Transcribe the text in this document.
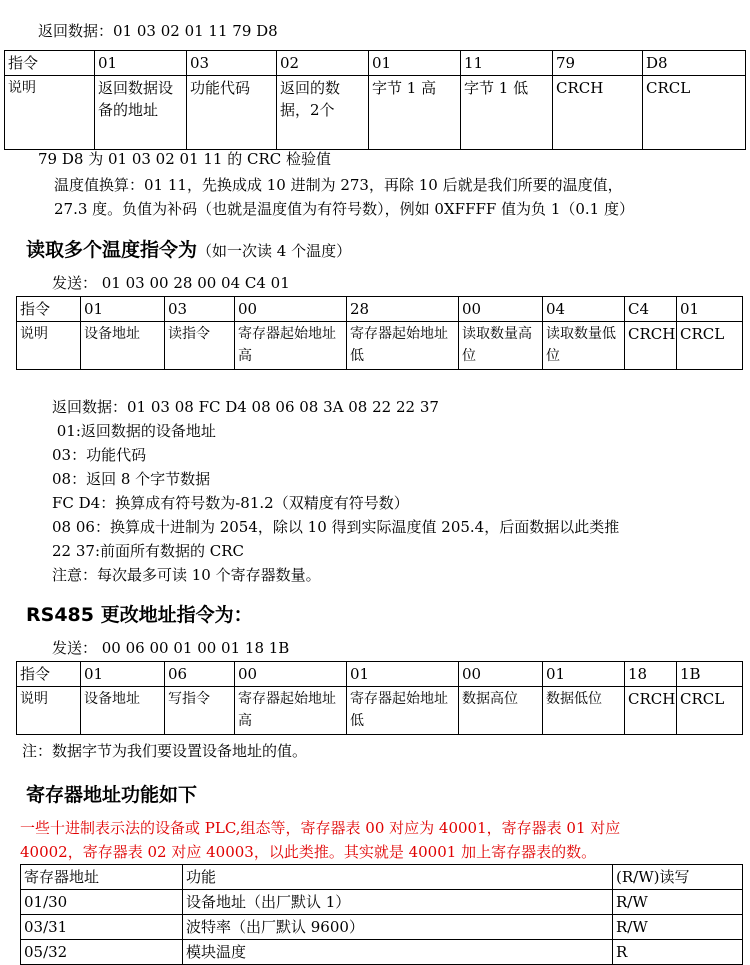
返回数据：01 03 02 01 11 79 D8
指令	01	03	02	01	11	79	D8
说明	返回数据设备的地址	功能代码	返回的数据，2个	字节 1 高	字节 1 低	CRCH	CRCL
79 D8 为 01 03 02 01 11 的 CRC 检验值
温度值换算：01 11，先换成成 10 进制为 273，再除 10 后就是我们所要的温度值，
27.3 度。负值为补码（也就是温度值为有符号数），例如 0XFFFF 值为负 1（0.1 度）
读取多个温度指令为（如一次读 4 个温度）
发送： 01 03 00 28 00 04 C4 01
指令	01	03	00	28	00	04	C4	01
说明	设备地址	读指令	寄存器起始地址高	寄存器起始地址低	读取数量高位	读取数量低位	CRCH	CRCL
返回数据：01 03 08 FC D4 08 06 08 3A 08 22 22 37
01:返回数据的设备地址
03：功能代码
08：返回 8 个字节数据
FC D4：换算成有符号数为-81.2（双精度有符号数）
08 06：换算成十进制为 2054，除以 10 得到实际温度值 205.4，后面数据以此类推
22 37:前面所有数据的 CRC
注意：每次最多可读 10 个寄存器数量。
RS485 更改地址指令为：
发送： 00 06 00 01 00 01 18 1B
指令	01	06	00	01	00	01	18	1B
说明	设备地址	写指令	寄存器起始地址高	寄存器起始地址低	数据高位	数据低位	CRCH	CRCL
注：数据字节为我们要设置设备地址的值。
寄存器地址功能如下
一些十进制表示法的设备或 PLC,组态等，寄存器表 00 对应为 40001，寄存器表 01 对应
40002，寄存器表 02 对应 40003，以此类推。其实就是 40001 加上寄存器表的数。
寄存器地址	功能	(R/W)读写
01/30	设备地址（出厂默认 1）	R/W
03/31	波特率（出厂默认 9600）	R/W
05/32	模块温度	R
